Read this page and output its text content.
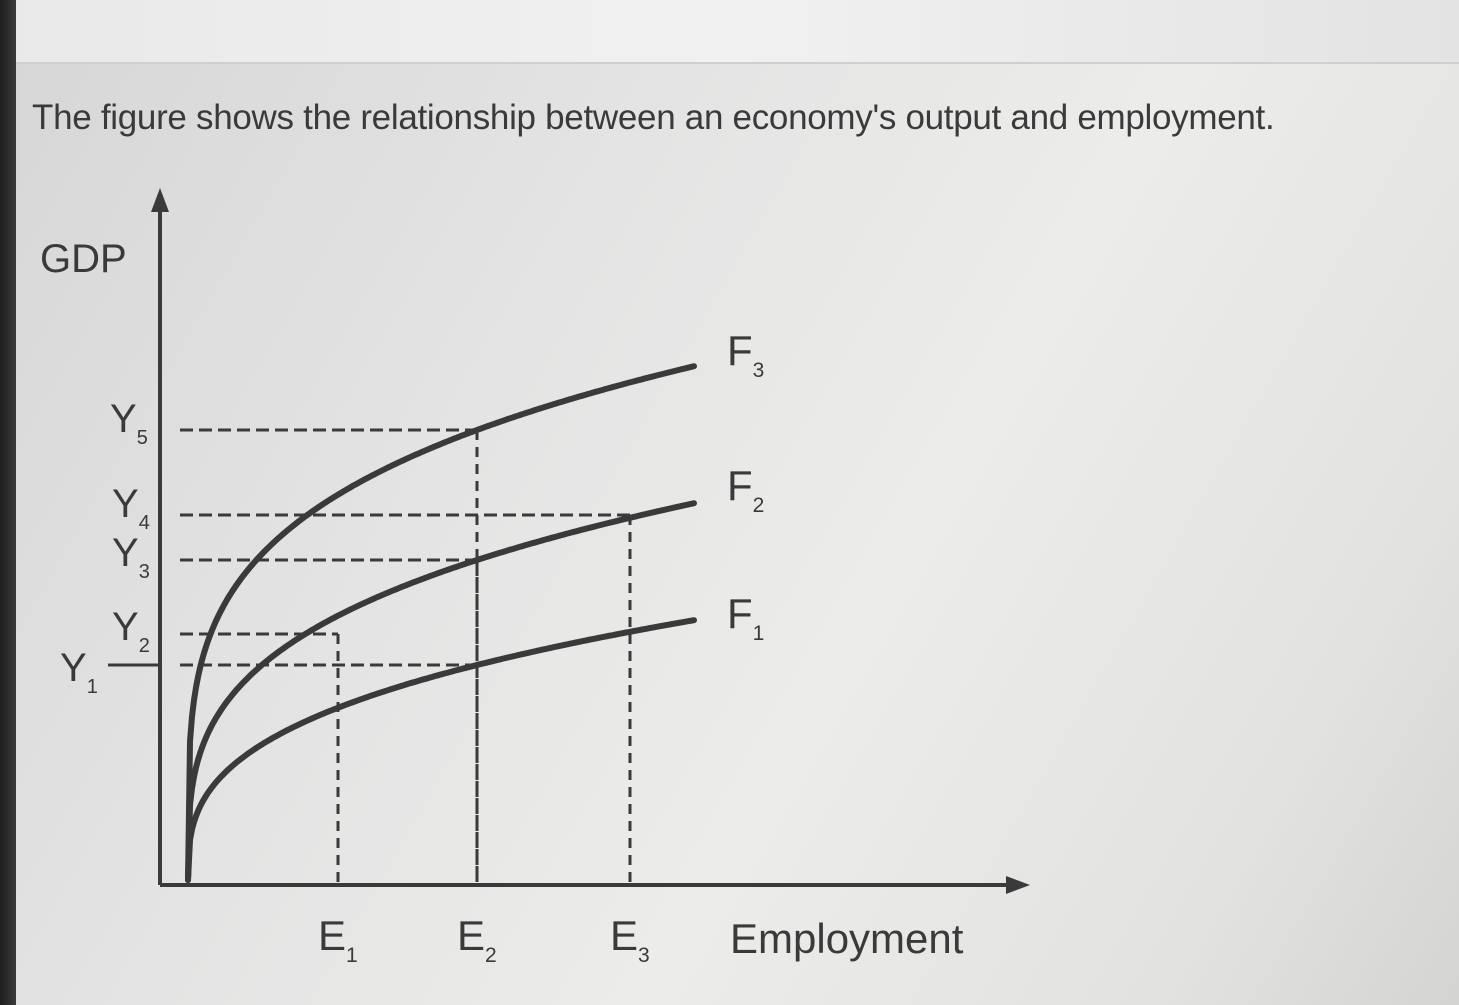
The figure shows the relationship between an economy's output and employment.
GDP
Employment
$Y_1$
$Y_2$
$Y_3$
$Y_4$
$Y_5$
$E_1$ $E_2$	$E_3$
$F_1$
$F_2$
$F_3$
